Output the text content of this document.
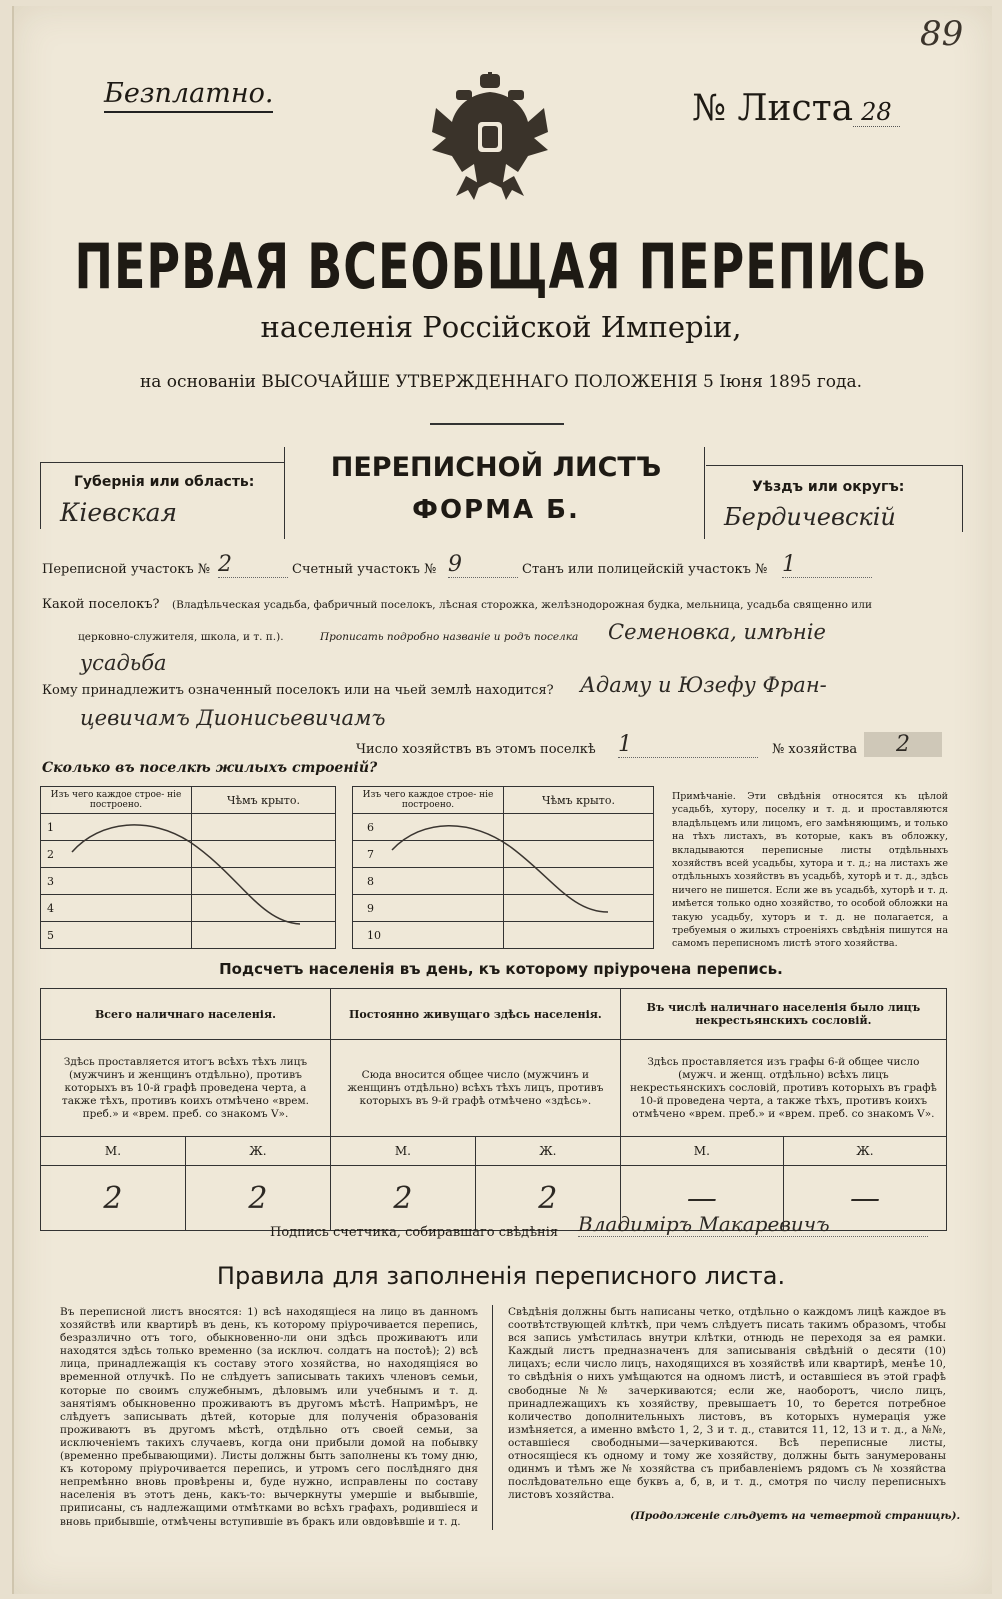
89
Безплатно.	№ Листа 28
ПЕРВАЯ ВСЕОБЩАЯ ПЕРЕПИСЬ
населенія Россійской Имперіи,
на основаніи ВЫСОЧАЙШЕ УТВЕРЖДЕННАГО ПОЛОЖЕНІЯ 5 Іюня 1895 года.
Губернія или область:
Кіевская
ПЕРЕПИСНОЙ ЛИСТЪ
ФОРМА Б.
Уѣздъ или округъ:
Бердичевскій
Переписной участокъ № 2	Счетный участокъ № 9	Станъ или полицейскій участокъ № 1
Какой поселокъ? (Владѣльческая усадьба, фабричный поселокъ, лѣсная сторожка, желѣзнодорожная будка, мельница, усадьба священно или
церковно-служителя, школа, и т. п.).	Прописать подробно названіе и родъ поселка Семеновка, имѣніе
усадьба
Кому принадлежитъ означенный поселокъ или на чьей землѣ находится? Адаму и Юзефу Фран-
цевичамъ Дионисьевичамъ
Число хозяйствъ въ этомъ поселкѣ 1	№ хозяйства	2
Сколько въ поселкѣ жилыхъ строеній?
Изъ чего каждое строе- ніе построено.	Чѣмъ крыто.
1	
2	
3	
4	
5	
Изъ чего каждое строе- ніе построено.	Чѣмъ крыто.
6	
7	
8	
9	
10	
Примѣчаніе. Эти свѣдѣнія относятся къ цѣлой усадьбѣ, хутору, поселку и т. д. и проставляются владѣльцемъ или лицомъ, его замѣняющимъ, и только на тѣхъ листахъ, въ которые, какъ въ обложку, вкладываются переписные листы отдѣльныхъ хозяйствъ всей усадьбы, хутора и т. д.; на листахъ же отдѣльныхъ хозяйствъ въ усадьбѣ, хуторѣ и т. д., здѣсь ничего не пишется. Если же въ усадьбѣ, хуторѣ и т. д. имѣется только одно хозяйство, то особой обложки на такую усадьбу, хуторъ и т. д. не полагается, а требуемыя о жилыхъ строеніяхъ свѣдѣнія пишутся на самомъ переписномъ листѣ этого хозяйства.
Подсчетъ населенія въ день, къ которому пріурочена перепись.
Всего наличнаго населенія.		Постоянно живущаго здѣсь населенія.		Въ числѣ наличнаго населенія было лицъ некрестьянскихъ сословій.	
Здѣсь проставляется итогъ всѣхъ тѣхъ лицъ (мужчинъ и женщинъ отдѣльно), противъ которыхъ въ 10-й графѣ проведена черта, а также тѣхъ, противъ коихъ отмѣчено «врем. преб.» и «врем. преб. со знакомъ V».		Сюда вносится общее число (мужчинъ и женщинъ отдѣльно) всѣхъ тѣхъ лицъ, противъ которыхъ въ 9-й графѣ отмѣчено «здѣсь».		Здѣсь проставляется изъ графы 6-й общее число (мужч. и женщ. отдѣльно) всѣхъ лицъ некрестьянскихъ сословій, противъ которыхъ въ графѣ 10-й проведена черта, а также тѣхъ, противъ коихъ отмѣчено «врем. преб.» и «врем. преб. со знакомъ V».	
М.	Ж.	М.	Ж.	М.	Ж.
2	2	2	2	—	—
Подпись счетчика, собиравшаго свѣдѣнія Владиміръ Макаревичъ
Правила для заполненія переписного листа.
Въ переписной листъ вносятся: 1) всѣ находящіеся на лицо въ данномъ хозяйствѣ или квартирѣ въ день, къ которому пріурочивается перепись, безразлично отъ того, обыкновенно-ли они здѣсь проживаютъ или находятся здѣсь только временно (за исключ. солдатъ на постоѣ); 2) всѣ лица, принадлежащія къ составу этого хозяйства, но находящіяся во временной отлучкѣ. По не слѣдуетъ записывать такихъ членовъ семьи, которые по своимъ служебнымъ, дѣловымъ или учебнымъ и т. д. занятіямъ обыкновенно проживаютъ въ другомъ мѣстѣ. Напримѣръ, не слѣдуетъ записывать дѣтей, которые для полученія образованія проживаютъ въ другомъ мѣстѣ, отдѣльно отъ своей семьи, за исключеніемъ такихъ случаевъ, когда они прибыли домой на побывку (временно пребывающими). Листы должны быть заполнены къ тому дню, къ которому пріурочивается перепись, и утромъ сего послѣдняго дня непремѣнно вновь провѣрены и, буде нужно, исправлены по составу населенія въ этотъ день, какъ-то: вычеркнуты умершіе и выбывшіе, приписаны, съ надлежащими отмѣтками во всѣхъ графахъ, родившіеся и вновь прибывшіе, отмѣчены вступившіе въ бракъ или овдовѣвшіе и т. д.
Свѣдѣнія должны быть написаны четко, отдѣльно о каждомъ лицѣ каждое въ соотвѣтствующей клѣткѣ, при чемъ слѣдуетъ писать такимъ образомъ, чтобы вся запись умѣстилась внутри клѣтки, отнюдь не переходя за ея рамки. Каждый листъ предназначенъ для записыванія свѣдѣній о десяти (10) лицахъ; если число лицъ, находящихся въ хозяйствѣ или квартирѣ, менѣе 10, то свѣдѣнія о нихъ умѣщаются на одномъ листѣ, и оставшіеся въ этой графѣ свободные №№ зачеркиваются; если же, наоборотъ, число лицъ, принадлежащихъ къ хозяйству, превышаетъ 10, то берется потребное количество дополнительныхъ листовъ, въ которыхъ нумерація уже измѣняется, а именно вмѣсто 1, 2, 3 и т. д., ставится 11, 12, 13 и т. д., а №№, оставшіеся свободными—зачеркиваются. Всѣ переписные листы, относящіеся къ одному и тому же хозяйству, должны быть занумерованы одинмъ и тѣмъ же № хозяйства съ прибавленіемъ рядомъ съ № хозяйства послѣдовательно еще буквъ а, б, в, и т. д., смотря по числу переписныхъ листовъ хозяйства.
(Продолженіе слѣдуетъ на четвертой страницѣ).
